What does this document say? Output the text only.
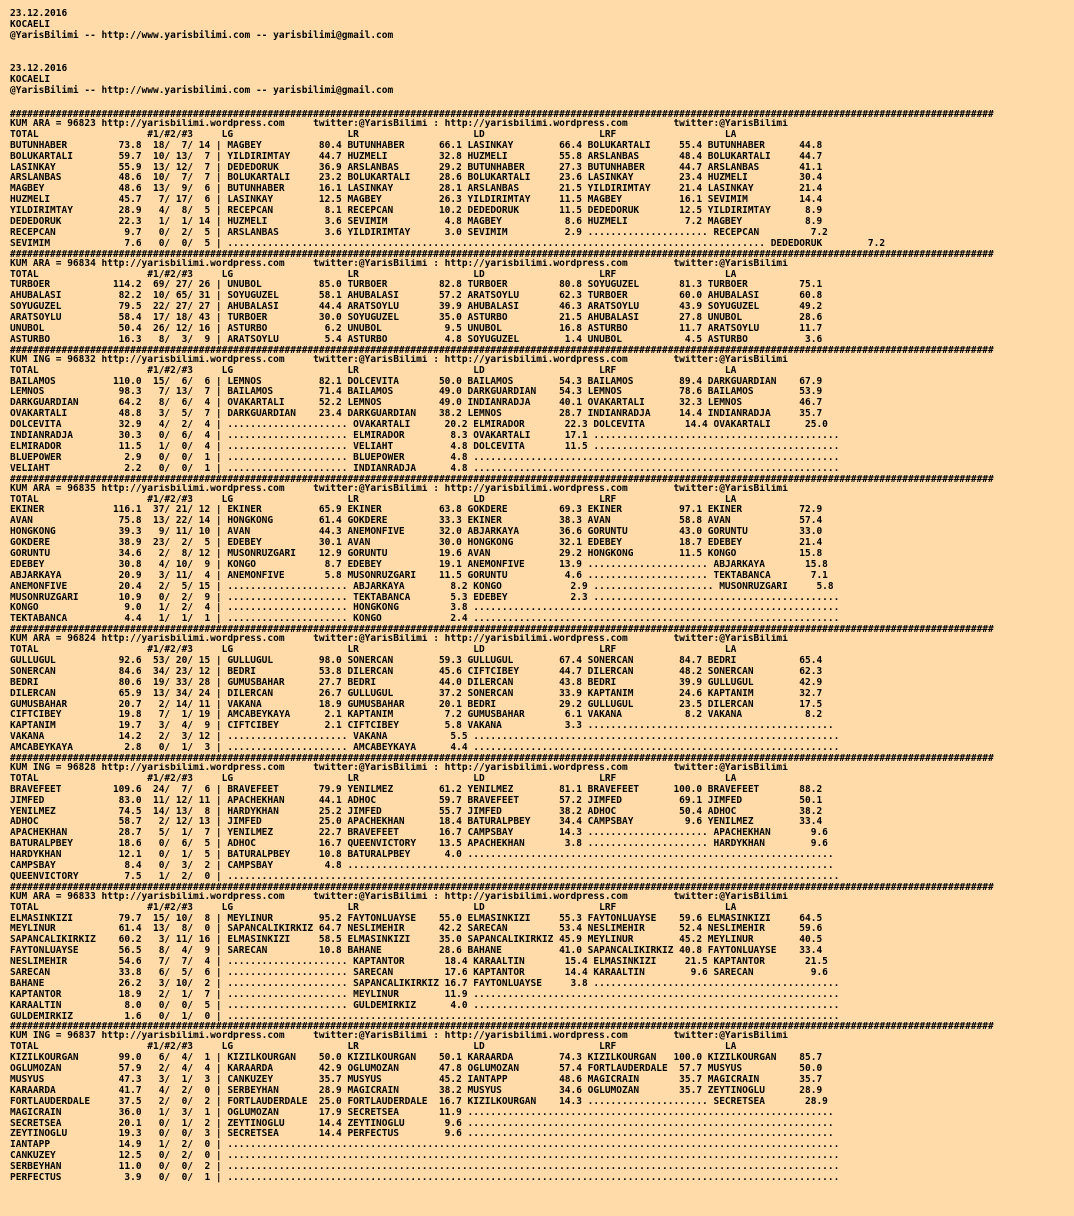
23.12.2016
KOCAELI
@YarisBilimi -- http://www.yarisbilimi.com -- yarisbilimi@gmail.com
23.12.2016
KOCAELI
@YarisBilimi -- http://www.yarisbilimi.com -- yarisbilimi@gmail.com
############################################################################################################################################################################
KUM ARA = 96823 http://yarisbilimi.wordpress.com     twitter:@YarisBilimi : http://yarisbilimi.wordpress.com        twitter:@YarisBilimi
TOTAL                   #1/#2/#3     LG                    LR                    LD                    LRF                   LA
BUTUNHABER         73.8  18/  7/ 14 | MAGBEY          80.4 BUTUNHABER      66.1 LASINKAY        66.4 BOLUKARTALI     55.4 BUTUNHABER      44.8
BOLUKARTALI        59.7  10/ 13/  7 | YILDIRIMTAY     44.7 HUZMELI         32.8 HUZMELI         55.8 ARSLANBAS       48.4 BOLUKARTALI     44.7
LASINKAY           55.9  13/ 12/  7 | DEDEDORUK       36.9 ARSLANBAS       29.2 BUTUNHABER      27.3 BUTUNHABER      44.7 ARSLANBAS       41.1
ARSLANBAS          48.6  10/  7/  7 | BOLUKARTALI     23.2 BOLUKARTALI     28.6 BOLUKARTALI     23.6 LASINKAY        23.4 HUZMELI         30.4
MAGBEY             48.6  13/  9/  6 | BUTUNHABER      16.1 LASINKAY        28.1 ARSLANBAS       21.5 YILDIRIMTAY     21.4 LASINKAY        21.4
HUZMELI            45.7   7/ 17/  6 | LASINKAY        12.5 MAGBEY          26.3 YILDIRIMTAY     11.5 MAGBEY          16.1 SEVIMIM         14.4
YILDIRIMTAY        28.9   4/  8/  5 | RECEPCAN         8.1 RECEPCAN        10.2 DEDEDORUK       11.5 DEDEDORUK       12.5 YILDIRIMTAY      8.9
DEDEDORUK          22.3   1/  1/ 14 | HUZMELI          3.6 SEVIMIM          4.8 MAGBEY           8.6 HUZMELI          7.2 MAGBEY           8.9
RECEPCAN            9.7   0/  2/  5 | ARSLANBAS        3.6 YILDIRIMTAY      3.0 SEVIMIM          2.9 ..................... RECEPCAN         7.2
SEVIMIM             7.6   0/  0/  5 | .............................................................................................. DEDEDORUK        7.2
############################################################################################################################################################################
KUM ARA = 96834 http://yarisbilimi.wordpress.com     twitter:@YarisBilimi : http://yarisbilimi.wordpress.com        twitter:@YarisBilimi
TOTAL                   #1/#2/#3     LG                    LR                    LD                    LRF                   LA
TURBOER           114.2  69/ 27/ 26 | UNUBOL          85.0 TURBOER         82.8 TURBOER         80.8 SOYUGUZEL       81.3 TURBOER         75.1
AHUBALASI          82.2  10/ 65/ 31 | SOYUGUZEL       58.1 AHUBALASI       57.2 ARATSOYLU       62.3 TURBOER         60.0 AHUBALASI       60.8
SOYUGUZEL          79.5  22/ 27/ 27 | AHUBALASI       44.4 ARATSOYLU       39.9 AHUBALASI       46.3 ARATSOYLU       43.9 SOYUGUZEL       49.2
ARATSOYLU          58.4  17/ 18/ 43 | TURBOER         30.0 SOYUGUZEL       35.0 ASTURBO         21.5 AHUBALASI       27.8 UNUBOL          28.6
UNUBOL             50.4  26/ 12/ 16 | ASTURBO          6.2 UNUBOL           9.5 UNUBOL          16.8 ASTURBO         11.7 ARATSOYLU       11.7
ASTURBO            16.3   8/  3/  9 | ARATSOYLU        5.4 ASTURBO          4.8 SOYUGUZEL        1.4 UNUBOL           4.5 ASTURBO          3.6
############################################################################################################################################################################
KUM ING = 96832 http://yarisbilimi.wordpress.com     twitter:@YarisBilimi : http://yarisbilimi.wordpress.com        twitter:@YarisBilimi
TOTAL                   #1/#2/#3     LG                    LR                    LD                    LRF                   LA
BAILAMOS          110.0  15/  6/  6 | LEMNOS          82.1 DOLCEVITA       50.0 BAILAMOS        54.3 BAILAMOS        89.4 DARKGUARDIAN    67.9
LEMNOS             98.3   7/ 13/  7 | BAILAMOS        71.4 BAILAMOS        49.0 DARKGUARDIAN    54.3 LEMNOS          78.6 BAILAMOS        53.9
DARKGUARDIAN       64.2   8/  6/  4 | OVAKARTALI      52.2 LEMNOS          49.0 INDIANRADJA     40.1 OVAKARTALI      32.3 LEMNOS          46.7
OVAKARTALI         48.8   3/  5/  7 | DARKGUARDIAN    23.4 DARKGUARDIAN    38.2 LEMNOS          28.7 INDIANRADJA     14.4 INDIANRADJA     35.7
DOLCEVITA          32.9   4/  2/  4 | ..................... OVAKARTALI      20.2 ELMIRADOR       22.3 DOLCEVITA       14.4 OVAKARTALI      25.0
INDIANRADJA        30.3   0/  6/  4 | ..................... ELMIRADOR        8.3 OVAKARTALI      17.1 ...........................................
ELMIRADOR          11.5   1/  0/  4 | ..................... VELIAHT          4.8 DOLCEVITA       11.5 ...........................................
BLUEPOWER           2.9   0/  0/  1 | ..................... BLUEPOWER        4.8 ................................................................
VELIAHT             2.2   0/  0/  1 | ..................... INDIANRADJA      4.8 ................................................................
############################################################################################################################################################################
KUM ARA = 96835 http://yarisbilimi.wordpress.com     twitter:@YarisBilimi : http://yarisbilimi.wordpress.com        twitter:@YarisBilimi
TOTAL                   #1/#2/#3     LG                    LR                    LD                    LRF                   LA
EKINER            116.1  37/ 21/ 12 | EKINER          65.9 EKINER          63.8 GOKDERE         69.3 EKINER          97.1 EKINER          72.9
AVAN               75.8  13/ 22/ 14 | HONGKONG        61.4 GOKDERE         33.3 EKINER          38.3 AVAN            58.8 AVAN            57.4
HONGKONG           39.3   9/ 11/ 10 | AVAN            44.3 ANEMONFIVE      32.0 ABJARKAYA       36.6 GORUNTU         43.0 GORUNTU         33.0
GOKDERE            38.9  23/  2/  5 | EDEBEY          30.1 AVAN            30.0 HONGKONG        32.1 EDEBEY          18.7 EDEBEY          21.4
GORUNTU            34.6   2/  8/ 12 | MUSONRUZGARI    12.9 GORUNTU         19.6 AVAN            29.2 HONGKONG        11.5 KONGO           15.8
EDEBEY             30.8   4/ 10/  9 | KONGO            8.7 EDEBEY          19.1 ANEMONFIVE      13.9 ..................... ABJARKAYA       15.8
ABJARKAYA          20.9   3/ 11/  4 | ANEMONFIVE       5.8 MUSONRUZGARI    11.5 GORUNTU          4.6 ..................... TEKTABANCA       7.1
ANEMONFIVE         20.4   2/  5/ 15 | ..................... ABJARKAYA        8.2 KONGO            2.9 ..................... MUSONRUZGARI     5.8
MUSONRUZGARI       10.9   0/  2/  9 | ..................... TEKTABANCA       5.3 EDEBEY           2.3 ...........................................
KONGO               9.0   1/  2/  4 | ..................... HONGKONG         3.8 ................................................................
TEKTABANCA          4.4   1/  1/  1 | ..................... KONGO            2.4 ................................................................
############################################################################################################################################################################
KUM ARA = 96824 http://yarisbilimi.wordpress.com     twitter:@YarisBilimi : http://yarisbilimi.wordpress.com        twitter:@YarisBilimi
TOTAL                   #1/#2/#3     LG                    LR                    LD                    LRF                   LA
GULLUGUL           92.6  53/ 20/ 15 | GULLUGUL        98.0 SONERCAN        59.3 GULLUGUL        67.4 SONERCAN        84.7 BEDRI           65.4
SONERCAN           84.6  34/ 23/ 12 | BEDRI           53.8 DILERCAN        45.6 CIFTCIBEY       44.7 DILERCAN        48.2 SONERCAN        62.3
BEDRI              80.6  19/ 33/ 28 | GUMUSBAHAR      27.7 BEDRI           44.0 DILERCAN        43.8 BEDRI           39.9 GULLUGUL        42.9
DILERCAN           65.9  13/ 34/ 24 | DILERCAN        26.7 GULLUGUL        37.2 SONERCAN        33.9 KAPTANIM        24.6 KAPTANIM        32.7
GUMUSBAHAR         20.7   2/ 14/ 11 | VAKANA          18.9 GUMUSBAHAR      20.1 BEDRI           29.2 GULLUGUL        23.5 DILERCAN        17.5
CIFTCIBEY          19.8   7/  1/ 19 | AMCABEYKAYA      2.1 KAPTANIM         7.2 GUMUSBAHAR       6.1 VAKANA           8.2 VAKANA           8.2
KAPTANIM           19.7   3/  4/  9 | CIFTCIBEY        2.1 CIFTCIBEY        5.8 VAKANA           3.3 ...........................................
VAKANA             14.2   2/  3/ 12 | ..................... VAKANA           5.5 ................................................................
AMCABEYKAYA         2.8   0/  1/  3 | ..................... AMCABEYKAYA      4.4 ................................................................
############################################################################################################################################################################
KUM ING = 96828 http://yarisbilimi.wordpress.com     twitter:@YarisBilimi : http://yarisbilimi.wordpress.com        twitter:@YarisBilimi
TOTAL                   #1/#2/#3     LG                    LR                    LD                    LRF                   LA
BRAVEFEET         109.6  24/  7/  6 | BRAVEFEET       79.9 YENILMEZ        61.2 YENILMEZ        81.1 BRAVEFEET      100.0 BRAVEFEET       88.2
JIMFED             83.0  11/ 12/ 11 | APACHEKHAN      44.1 ADHOC           59.7 BRAVEFEET       57.2 JIMFED          69.1 JIMFED          50.1
YENILMEZ           74.5  14/ 13/  8 | HARDYKHAN       25.2 JIMFED          55.7 JIMFED          38.2 ADHOC           50.4 ADHOC           38.2
ADHOC              58.7   2/ 12/ 13 | JIMFED          25.0 APACHEKHAN      18.4 BATURALPBEY     34.4 CAMPSBAY         9.6 YENILMEZ        33.4
APACHEKHAN         28.7   5/  1/  7 | YENILMEZ        22.7 BRAVEFEET       16.7 CAMPSBAY        14.3 ..................... APACHEKHAN       9.6
BATURALPBEY        18.6   0/  6/  5 | ADHOC           16.7 QUEENVICTORY    13.5 APACHEKHAN       3.8 ..................... HARDYKHAN        9.6
HARDYKHAN          12.1   0/  1/  5 | BATURALPBEY     10.8 BATURALPBEY      4.0 ................................................................
CAMPSBAY            8.4   0/  3/  2 | CAMPSBAY         4.8 .....................................................................................
QUEENVICTORY        7.5   1/  2/  0 | ...........................................................................................................
############################################################################################################################################################################
KUM ARA = 96833 http://yarisbilimi.wordpress.com     twitter:@YarisBilimi : http://yarisbilimi.wordpress.com        twitter:@YarisBilimi
TOTAL                   #1/#2/#3     LG                    LR                    LD                    LRF                   LA
ELMASINKIZI        79.7  15/ 10/  8 | MEYLINUR        95.2 FAYTONLUAYSE    55.0 ELMASINKIZI     55.3 FAYTONLUAYSE    59.6 ELMASINKIZI     64.5
MEYLINUR           61.4  13/  8/  0 | SAPANCALIKIRKIZ 64.7 NESLIMEHIR      42.2 SARECAN         53.4 NESLIMEHIR      52.4 NESLIMEHIR      59.6
SAPANCALIKIRKIZ    60.2   3/ 11/ 16 | ELMASINKIZI     58.5 ELMASINKIZI     35.0 SAPANCALIKIRKIZ 45.9 MEYLINUR        45.2 MEYLINUR        40.5
FAYTONLUAYSE       56.5   8/  4/  9 | SARECAN         10.8 BAHANE          28.6 BAHANE          41.0 SAPANCALIKIRKIZ 40.8 FAYTONLUAYSE    33.4
NESLIMEHIR         54.6   7/  7/  4 | ..................... KAPTANTOR       18.4 KARAALTIN       15.4 ELMASINKIZI     21.5 KAPTANTOR       21.5
SARECAN            33.8   6/  5/  6 | ..................... SARECAN         17.6 KAPTANTOR       14.4 KARAALTIN        9.6 SARECAN          9.6
BAHANE             26.2   3/ 10/  2 | ..................... SAPANCALIKIRKIZ 16.7 FAYTONLUAYSE     3.8 ...........................................
KAPTANTOR          18.9   2/  1/  7 | ..................... MEYLINUR        11.9 ................................................................
KARAALTIN           8.0   0/  0/  5 | ..................... GULDEMIRKIZ      4.0 ................................................................
GULDEMIRKIZ         1.6   0/  1/  0 | ...........................................................................................................
############################################################################################################################################################################
KUM ING = 96837 http://yarisbilimi.wordpress.com     twitter:@YarisBilimi : http://yarisbilimi.wordpress.com        twitter:@YarisBilimi
TOTAL                   #1/#2/#3     LG                    LR                    LD                    LRF                   LA
KIZILKOURGAN       99.0   6/  4/  1 | KIZILKOURGAN    50.0 KIZILKOURGAN    50.1 KARAARDA        74.3 KIZILKOURGAN   100.0 KIZILKOURGAN    85.7
OGLUMOZAN          57.9   2/  4/  4 | KARAARDA        42.9 OGLUMOZAN       47.8 OGLUMOZAN       57.4 FORTLAUDERDALE  57.7 MUSYUS          50.0
MUSYUS             47.3   3/  1/  3 | CANKUZEY        35.7 MUSYUS          45.2 IANTAPP         48.6 MAGICRAIN       35.7 MAGICRAIN       35.7
KARAARDA           41.7   4/  2/  0 | SERBEYHAN       28.9 MAGICRAIN       38.2 MUSYUS          34.6 OGLUMOZAN       35.7 ZEYTINOGLU      28.9
FORTLAUDERDALE     37.5   2/  0/  2 | FORTLAUDERDALE  25.0 FORTLAUDERDALE  16.7 KIZILKOURGAN    14.3 ..................... SECRETSEA       28.9
MAGICRAIN          36.0   1/  3/  1 | OGLUMOZAN       17.9 SECRETSEA       11.9 ................................................................
SECRETSEA          20.1   0/  1/  2 | ZEYTINOGLU      14.4 ZEYTINOGLU       9.6 ................................................................
ZEYTINOGLU         19.3   0/  0/  3 | SECRETSEA       14.4 PERFECTUS        9.6 ................................................................
IANTAPP            14.9   1/  2/  0 | ...........................................................................................................
CANKUZEY           12.5   0/  2/  0 | ...........................................................................................................
SERBEYHAN          11.0   0/  0/  2 | ...........................................................................................................
PERFECTUS           3.9   0/  0/  1 | ...........................................................................................................
